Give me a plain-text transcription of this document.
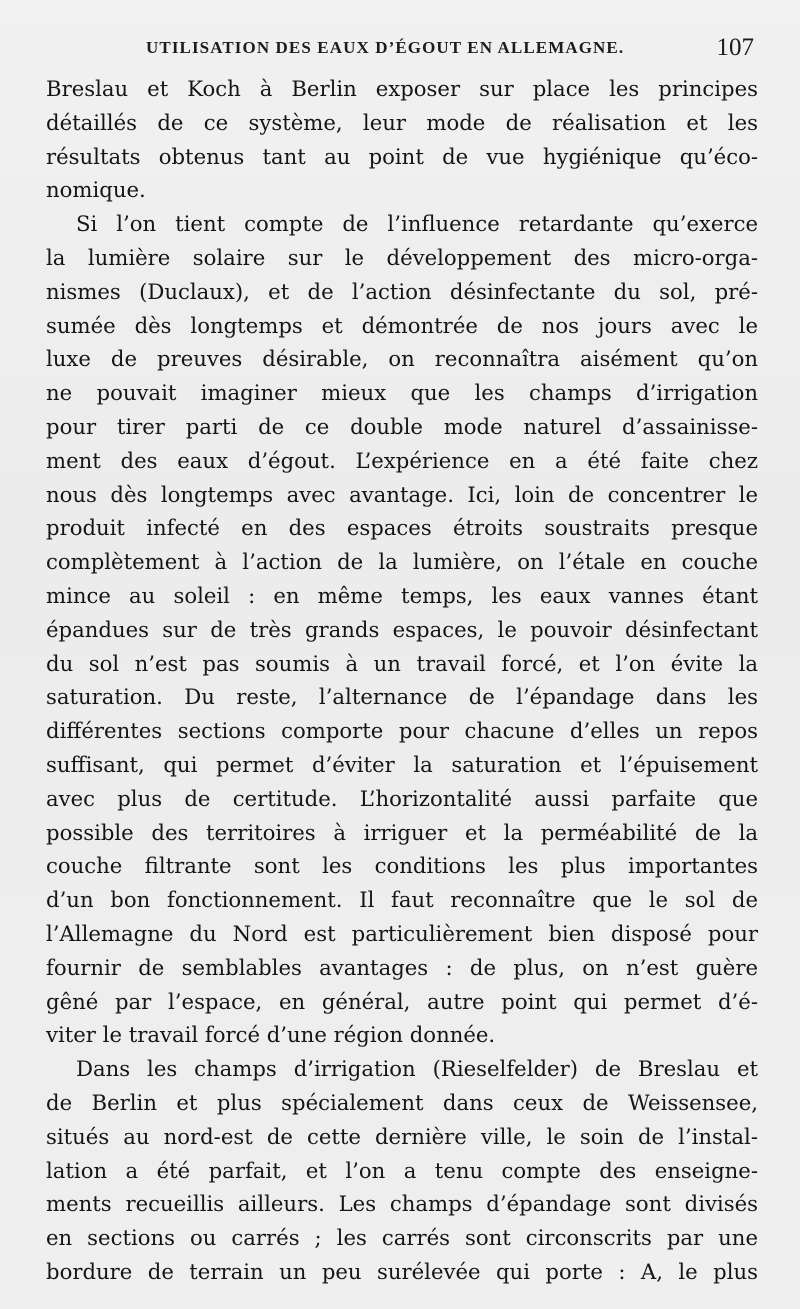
UTILISATION DES EAUX D’ÉGOUT EN ALLEMAGNE.	107
Breslau et Koch à Berlin exposer sur place les principes
détaillés de ce système, leur mode de réalisation et les
résultats obtenus tant au point de vue hygiénique qu’éco-
nomique.
Si l’on tient compte de l’influence retardante qu’exerce
la lumière solaire sur le développement des micro-orga-
nismes (Duclaux), et de l’action désinfectante du sol, pré-
sumée dès longtemps et démontrée de nos jours avec le
luxe de preuves désirable, on reconnaîtra aisément qu’on
ne pouvait imaginer mieux que les champs d’irrigation
pour tirer parti de ce double mode naturel d’assainisse-
ment des eaux d’égout. L’expérience en a été faite chez
nous dès longtemps avec avantage. Ici, loin de concentrer le
produit infecté en des espaces étroits soustraits presque
complètement à l’action de la lumière, on l’étale en couche
mince au soleil : en même temps, les eaux vannes étant
épandues sur de très grands espaces, le pouvoir désinfectant
du sol n’est pas soumis à un travail forcé, et l’on évite la
saturation. Du reste, l’alternance de l’épandage dans les
différentes sections comporte pour chacune d’elles un repos
suffisant, qui permet d’éviter la saturation et l’épuisement
avec plus de certitude. L’horizontalité aussi parfaite que
possible des territoires à irriguer et la perméabilité de la
couche filtrante sont les conditions les plus importantes
d’un bon fonctionnement. Il faut reconnaître que le sol de
l’Allemagne du Nord est particulièrement bien disposé pour
fournir de semblables avantages : de plus, on n’est guère
gêné par l’espace, en général, autre point qui permet d’é-
viter le travail forcé d’une région donnée.
Dans les champs d’irrigation (Rieselfelder) de Breslau et
de Berlin et plus spécialement dans ceux de Weissensee,
situés au nord-est de cette dernière ville, le soin de l’instal-
lation a été parfait, et l’on a tenu compte des enseigne-
ments recueillis ailleurs. Les champs d’épandage sont divisés
en sections ou carrés ; les carrés sont circonscrits par une
bordure de terrain un peu surélevée qui porte : A, le plus
